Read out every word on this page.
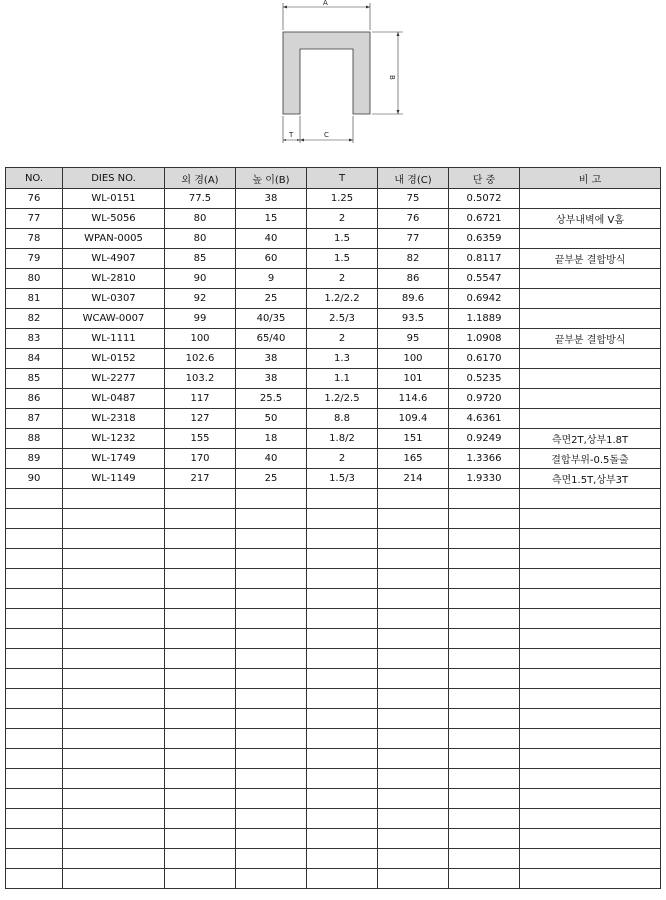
A
B
T	C
NO.	DIES NO.	외 경(A)	높 이(B)	T	내 경(C)	단 중	비 고
76	WL-0151	77.5	38	1.25	75	0.5072	
77	WL-5056	80	15	2	76	0.6721	상부내벽에 V홈
78	WPAN-0005	80	40	1.5	77	0.6359	
79	WL-4907	85	60	1.5	82	0.8117	끝부분 결합방식
80	WL-2810	90	9	2	86	0.5547	
81	WL-0307	92	25	1.2/2.2	89.6	0.6942	
82	WCAW-0007	99	40/35	2.5/3	93.5	1.1889	
83	WL-1111	100	65/40	2	95	1.0908	끝부분 결합방식
84	WL-0152	102.6	38	1.3	100	0.6170	
85	WL-2277	103.2	38	1.1	101	0.5235	
86	WL-0487	117	25.5	1.2/2.5	114.6	0.9720	
87	WL-2318	127	50	8.8	109.4	4.6361	
88	WL-1232	155	18	1.8/2	151	0.9249	측면2T,상부1.8T
89	WL-1749	170	40	2	165	1.3366	결합부위-0.5돌출
90	WL-1149	217	25	1.5/3	214	1.9330	측면1.5T,상부3T
